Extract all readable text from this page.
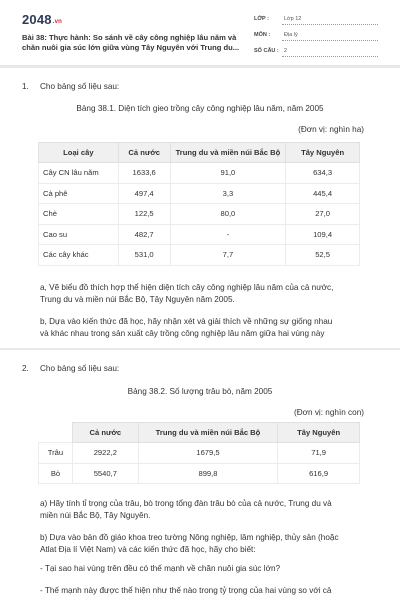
2048.vn
Bài 38: Thực hành: So sánh về cây công nghiệp lâu năm và
chăn nuôi gia súc lớn giữa vùng Tây Nguyên với Trung du...
LỚP :	Lớp 12
MÔN :	Địa lý
SỐ CÂU : 2
1. Cho bảng số liệu sau:
Bảng 38.1. Diện tích gieo trồng cây công nghiệp lâu năm, năm 2005
(Đơn vị: nghìn ha)
Loại cây	Cả nước	Trung du và miền núi Bắc Bộ	Tây Nguyên
Cây CN lâu năm	1633,6	91,0	634,3
Cà phê	497,4	3,3	445,4
Chè	122,5	80,0	27,0
Cao su	482,7	-	109,4
Các cây khác	531,0	7,7	52,5
a, Vẽ biểu đồ thích hợp thể hiện diện tích cây công nghiệp lâu năm của cả nước,
Trung du và miền núi Bắc Bộ, Tây Nguyên năm 2005.
b, Dựa vào kiến thức đã học, hãy nhận xét và giải thích về những sự giống nhau
và khác nhau trong sản xuất cây trồng công nghiệp lâu năm giữa hai vùng này
2. Cho bảng số liệu sau:
Bảng 38.2. Số lượng trâu bò, năm 2005
(Đơn vị: nghìn con)
	Cả nước	Trung du và miền núi Bắc Bộ	Tây Nguyên
Trâu	2922,2	1679,5	71,9
Bò	5540,7	899,8	616,9
a) Hãy tính tỉ trọng của trâu, bò trong tổng đàn trâu bò của cả nước, Trung du và
miền núi Bắc Bộ, Tây Nguyên.
b) Dựa vào bản đồ giáo khoa treo tường Nông nghiệp, lâm nghiệp, thủy sản (hoặc
Atlat Địa lí Việt Nam) và các kiến thức đã học, hãy cho biết:
- Tại sao hai vùng trên đều có thế mạnh về chăn nuôi gia súc lớn?
- Thế mạnh này được thể hiện như thế nào trong tỷ trọng của hai vùng so với cả
